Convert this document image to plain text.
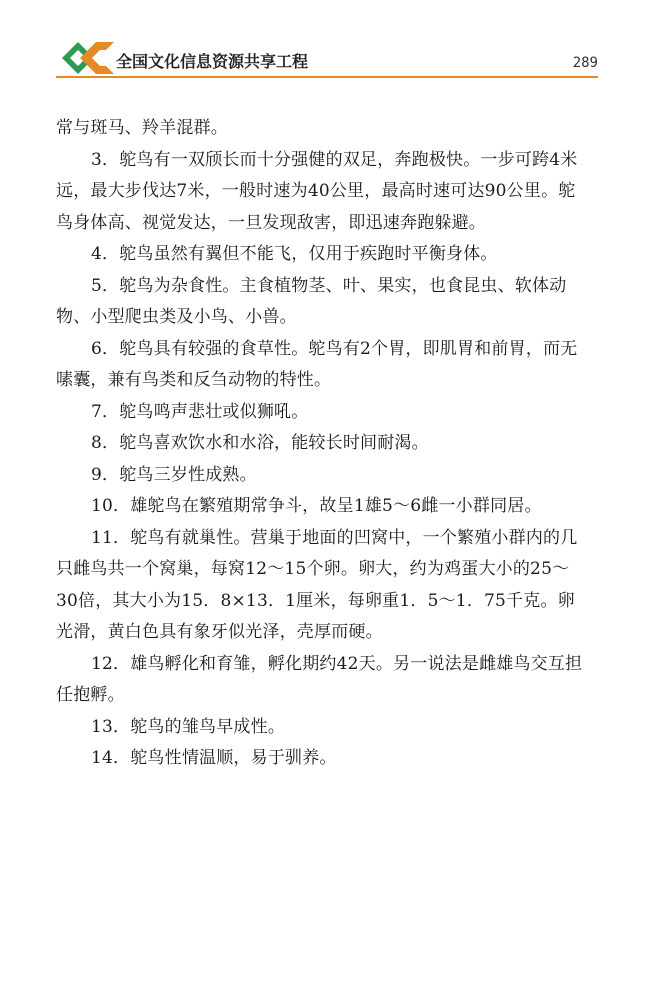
全国文化信息资源共享工程	289

常与斑马、羚羊混群。

3．鸵鸟有一双颀长而十分强健的双足，奔跑极快。一步可跨4米远，最大步伐达7米，一般时速为40公里，最高时速可达90公里。鸵鸟身体高、视觉发达，一旦发现敌害，即迅速奔跑躲避。

4．鸵鸟虽然有翼但不能飞，仅用于疾跑时平衡身体。

5．鸵鸟为杂食性。主食植物茎、叶、果实，也食昆虫、软体动物、小型爬虫类及小鸟、小兽。

6．鸵鸟具有较强的食草性。鸵鸟有2个胃，即肌胃和前胃，而无嗉囊，兼有鸟类和反刍动物的特性。

7．鸵鸟鸣声悲壮或似狮吼。

8．鸵鸟喜欢饮水和水浴，能较长时间耐渴。

9．鸵鸟三岁性成熟。

10．雄鸵鸟在繁殖期常争斗，故呈1雄5～6雌一小群同居。

11．鸵鸟有就巢性。营巢于地面的凹窝中，一个繁殖小群内的几只雌鸟共一个窝巢，每窝12～15个卵。卵大，约为鸡蛋大小的25～30倍，其大小为15．8×13．1厘米，每卵重1．5～1．75千克。卵光滑，黄白色具有象牙似光泽，壳厚而硬。

12．雄鸟孵化和育雏，孵化期约42天。另一说法是雌雄鸟交互担任抱孵。

13．鸵鸟的雏鸟早成性。

14．鸵鸟性情温顺，易于驯养。
